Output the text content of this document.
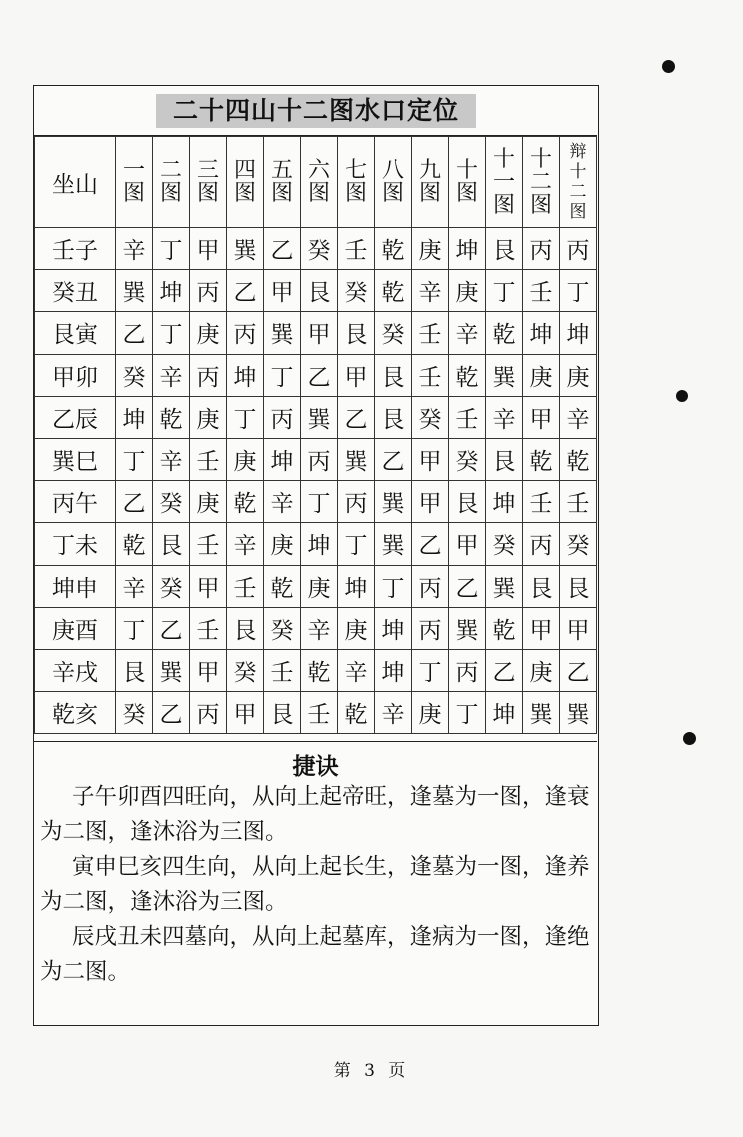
二十四山十二图水口定位
坐山	一图	二图	三图	四图	五图	六图	七图	八图	九图	十图	十一图	十二图	辩十二图

壬子	辛	丁	甲	巽	乙	癸	壬	乾	庚	坤	艮	丙	丙
癸丑	巽	坤	丙	乙	甲	艮	癸	乾	辛	庚	丁	壬	丁
艮寅	乙	丁	庚	丙	巽	甲	艮	癸	壬	辛	乾	坤	坤
甲卯	癸	辛	丙	坤	丁	乙	甲	艮	壬	乾	巽	庚	庚
乙辰	坤	乾	庚	丁	丙	巽	乙	艮	癸	壬	辛	甲	辛
巽巳	丁	辛	壬	庚	坤	丙	巽	乙	甲	癸	艮	乾	乾
丙午	乙	癸	庚	乾	辛	丁	丙	巽	甲	艮	坤	壬	壬
丁未	乾	艮	壬	辛	庚	坤	丁	巽	乙	甲	癸	丙	癸
坤申	辛	癸	甲	壬	乾	庚	坤	丁	丙	乙	巽	艮	艮
庚酉	丁	乙	壬	艮	癸	辛	庚	坤	丙	巽	乾	甲	甲
辛戌	艮	巽	甲	癸	壬	乾	辛	坤	丁	丙	乙	庚	乙
乾亥	癸	乙	丙	甲	艮	壬	乾	辛	庚	丁	坤	巽	巽
捷诀

子午卯酉四旺向，从向上起帝旺，逢墓为一图，逢衰为二图，逢沐浴为三图。

寅申巳亥四生向，从向上起长生，逢墓为一图，逢养为二图，逢沐浴为三图。

辰戌丑未四墓向，从向上起墓库，逢病为一图，逢绝为二图。

第 3 页
